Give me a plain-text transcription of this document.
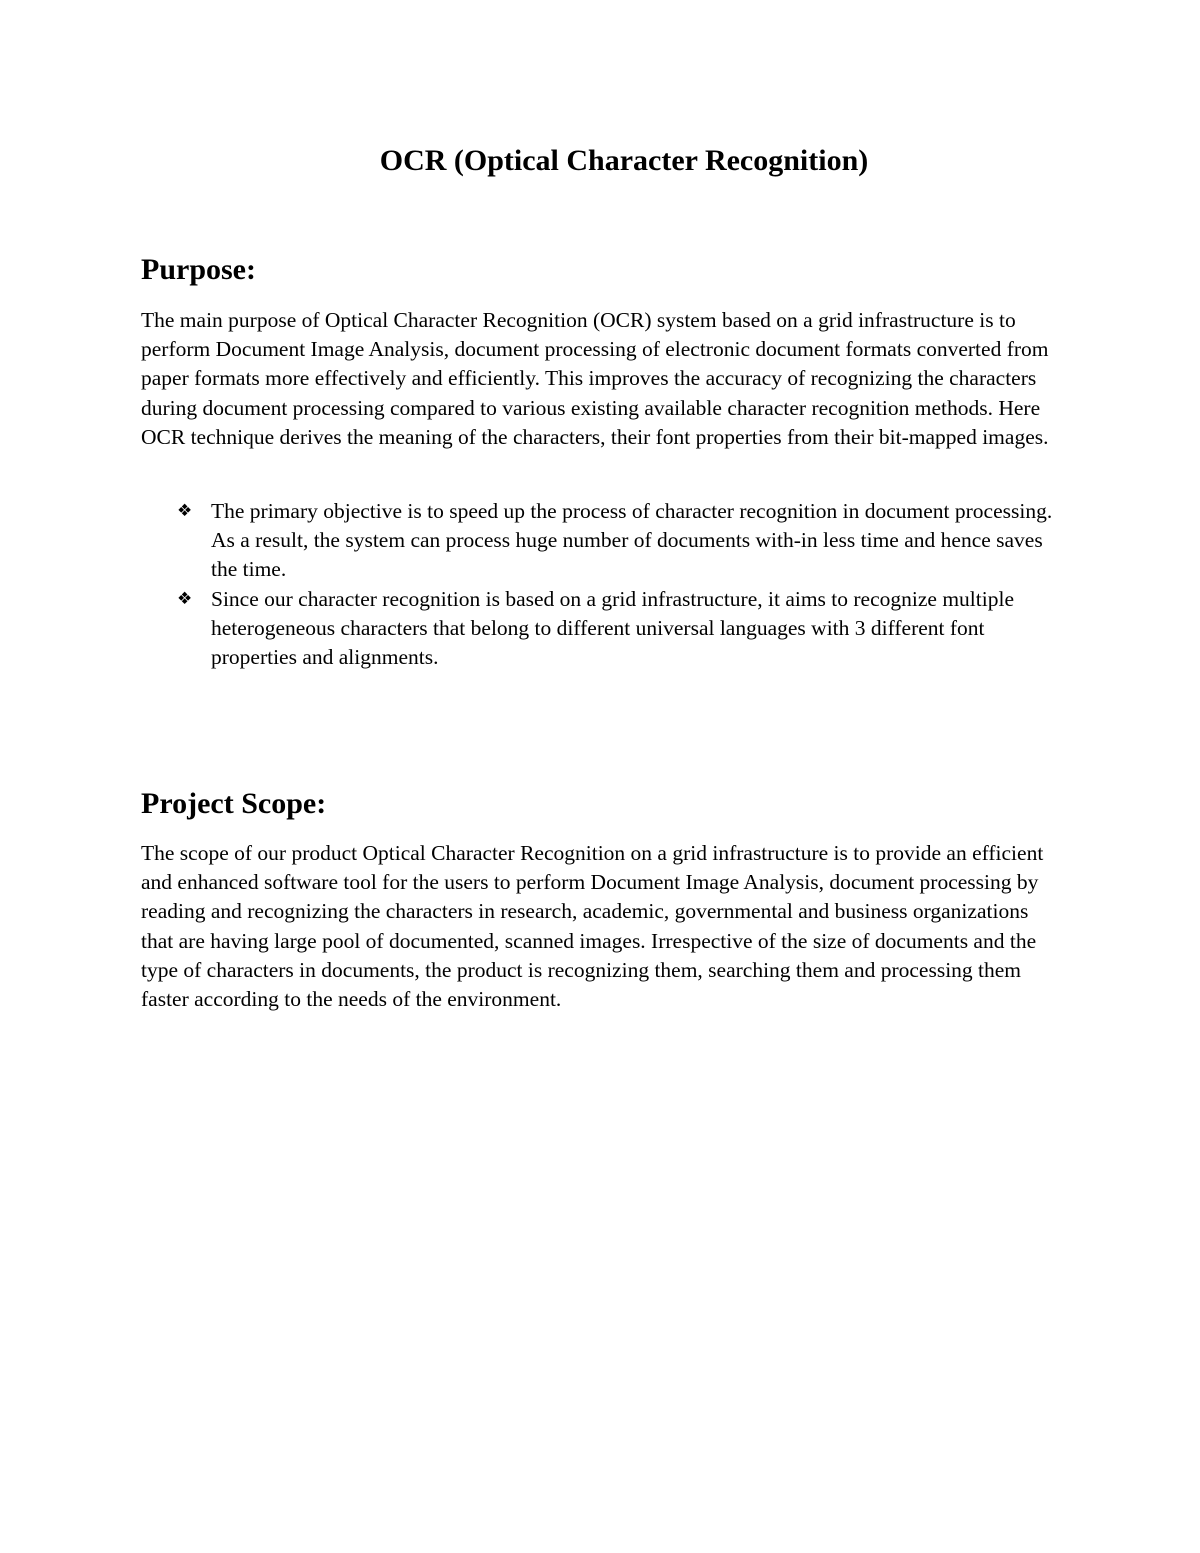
OCR (Optical Character Recognition)
Purpose:

The main purpose of Optical Character Recognition (OCR) system based on a grid infrastructure is to perform Document Image Analysis, document processing of electronic document formats converted from paper formats more effectively and efficiently. This improves the accuracy of recognizing the characters during document processing compared to various existing available character recognition methods. Here OCR technique derives the meaning of the characters, their font properties from their bit-mapped images.

❖ The primary objective is to speed up the process of character recognition in document processing. As a result, the system can process huge number of documents with-in less time and hence saves the time.
❖ Since our character recognition is based on a grid infrastructure, it aims to recognize multiple heterogeneous characters that belong to different universal languages with 3 different font properties and alignments.
Project Scope:

The scope of our product Optical Character Recognition on a grid infrastructure is to provide an efficient and enhanced software tool for the users to perform Document Image Analysis, document processing by reading and recognizing the characters in research, academic, governmental and business organizations that are having large pool of documented, scanned images. Irrespective of the size of documents and the type of characters in documents, the product is recognizing them, searching them and processing them faster according to the needs of the environment.
